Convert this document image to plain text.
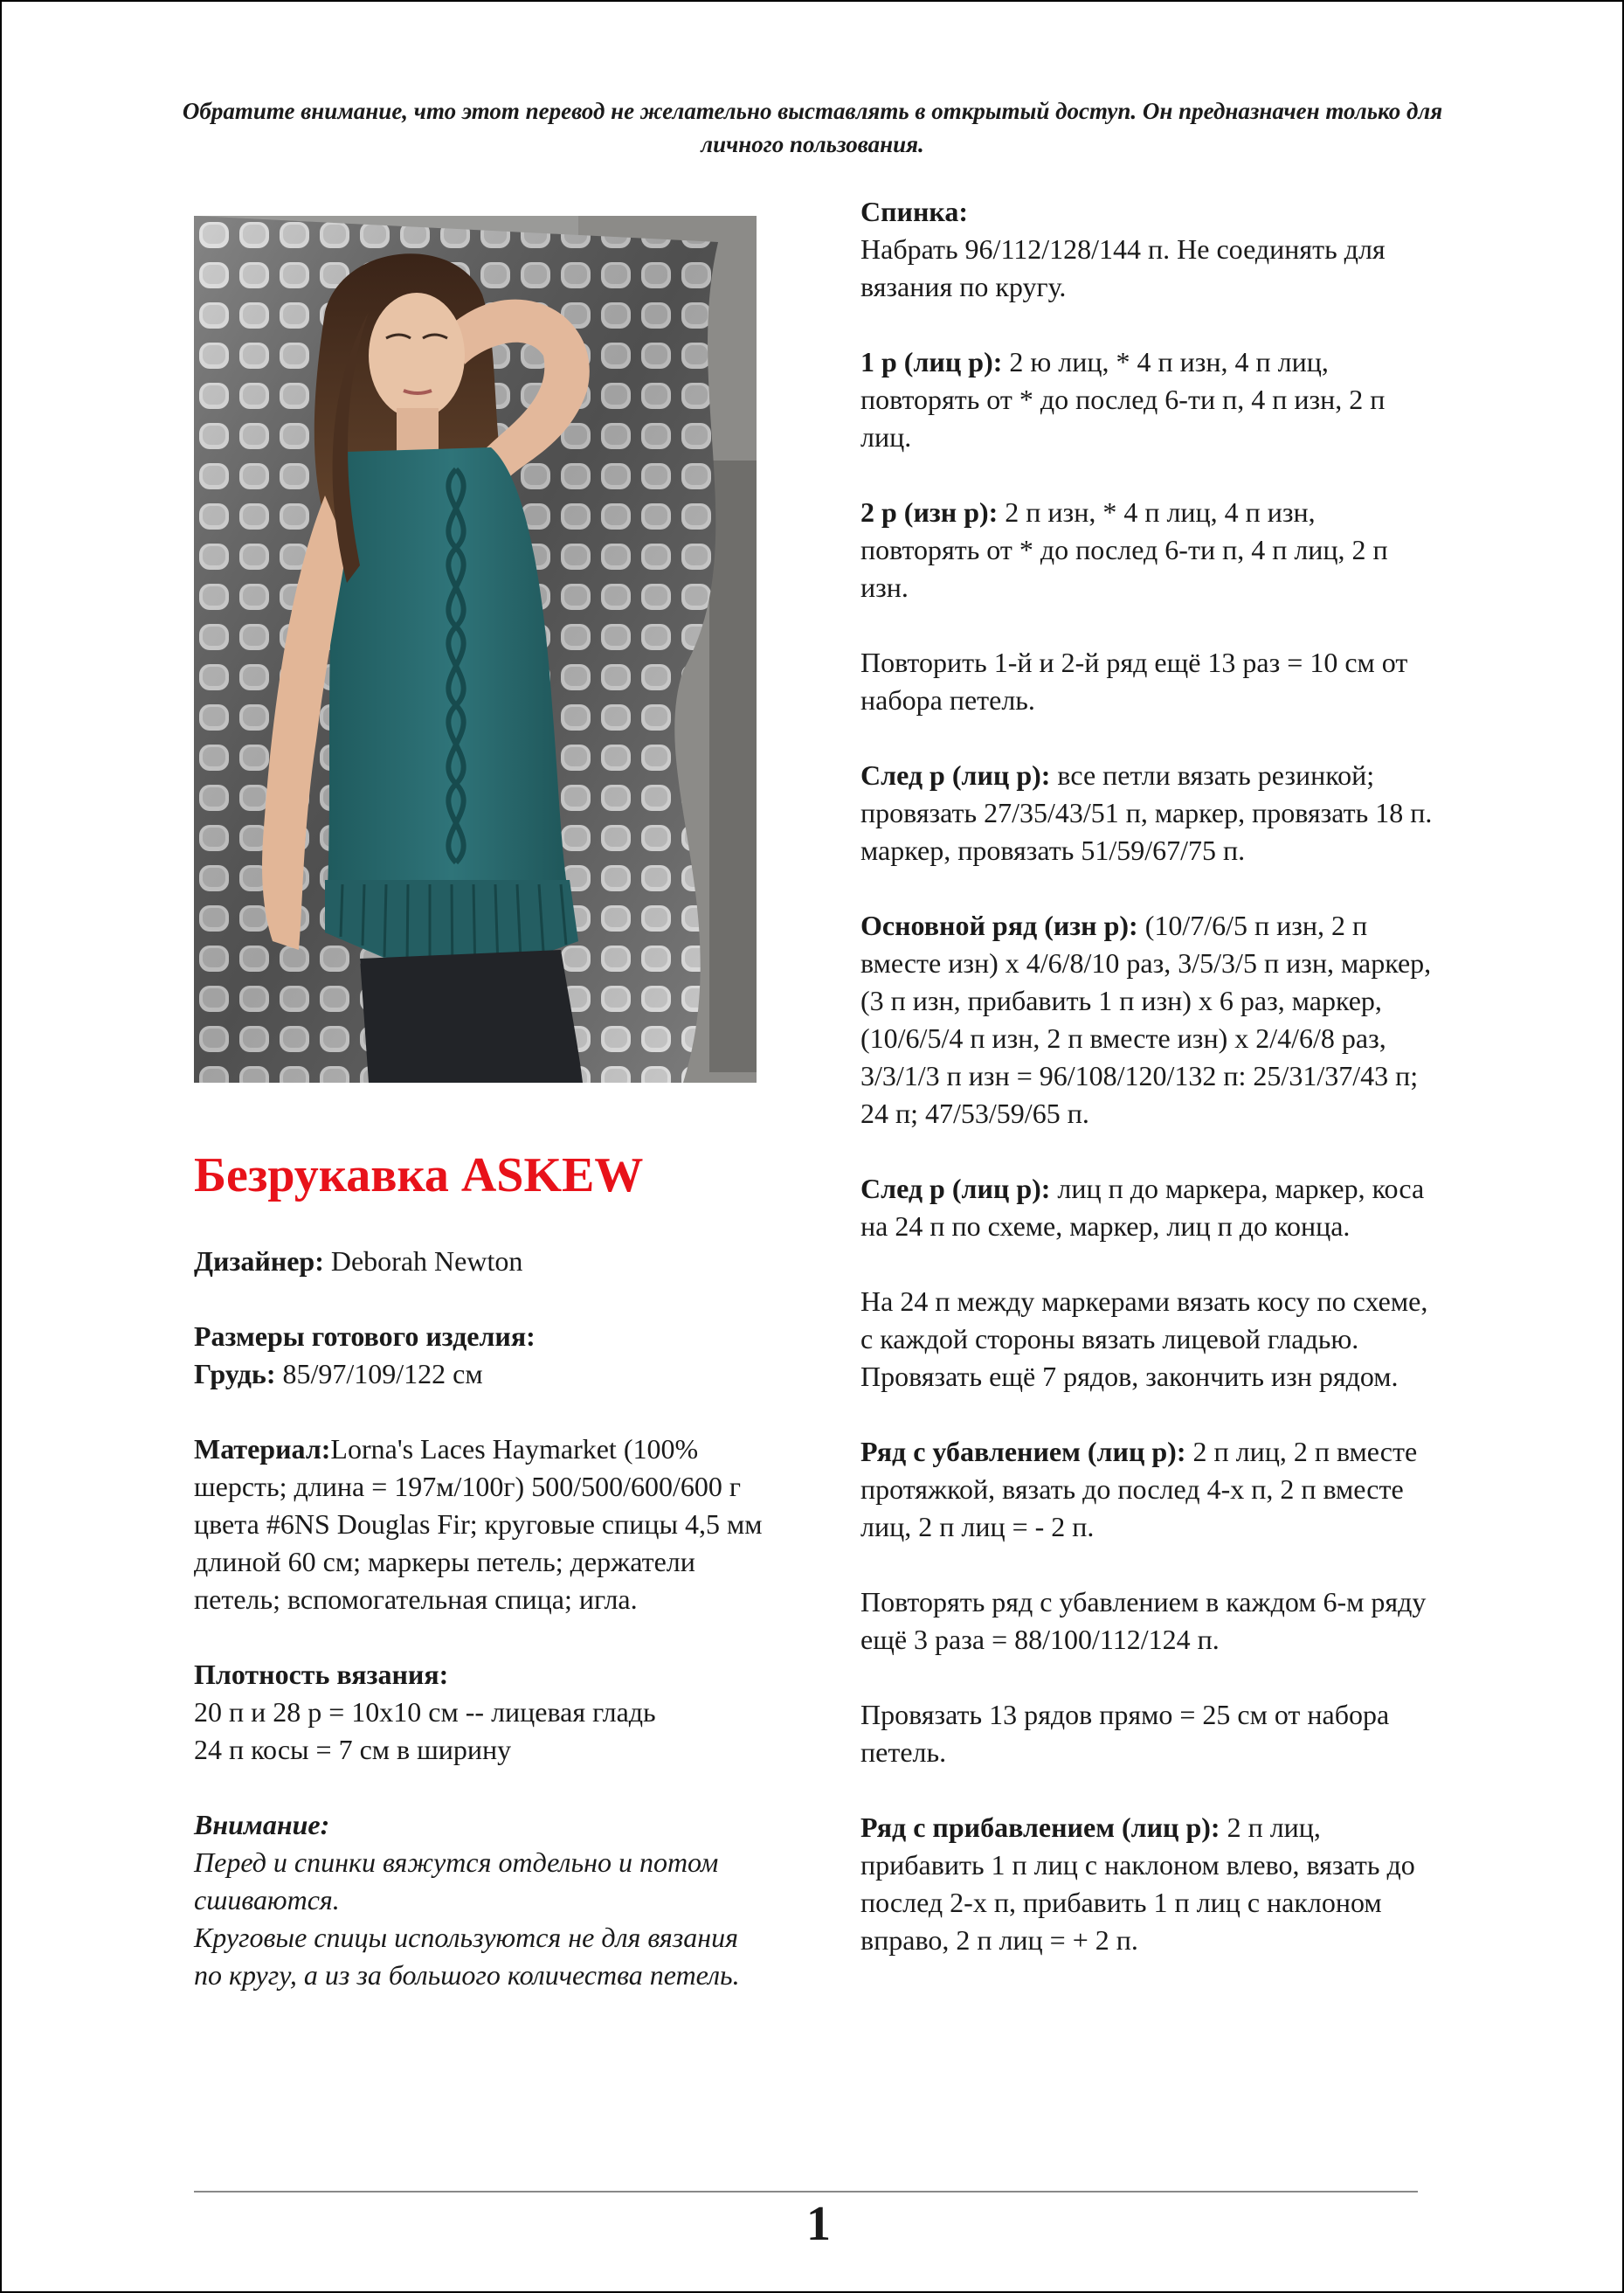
Обратите внимание, что этот перевод не желательно выставлять в открытый доступ. Он предназначен только для личного пользования.
Безрукавка ASKEW

Дизайнер: Deborah Newton

Размеры готового изделия:
Грудь: 85/97/109/122 см

Материал:Lorna's Laces Haymarket (100% шерсть; длина = 197м/100г) 500/500/600/600 г цвета #6NS Douglas Fir; круговые спицы 4,5 мм длиной 60 см; маркеры петель; держатели петель; вспомогательная спица; игла.

Плотность вязания:
20 п и 28 р = 10х10 см -- лицевая гладь
24 п косы = 7 см в ширину

Внимание:
Перед и спинки вяжутся отдельно и потом сшиваются.
Круговые спицы используются не для вязания по кругу, а из за большого количества петель.

Спинка:
Набрать 96/112/128/144 п. Не соединять для вязания по кругу.

1 р (лиц р): 2 ю лиц, * 4 п изн, 4 п лиц, повторять от * до послед 6-ти п, 4 п изн, 2 п лиц.

2 р (изн р): 2 п изн, * 4 п лиц, 4 п изн, повторять от * до послед 6-ти п, 4 п лиц, 2 п изн.

Повторить 1-й и 2-й ряд ещё 13 раз = 10 см от набора петель.

След р (лиц р): все петли вязать резинкой; провязать 27/35/43/51 п, маркер, провязать 18 п. маркер, провязать 51/59/67/75 п.

Основной ряд (изн р): (10/7/6/5 п изн, 2 п вместе изн) х 4/6/8/10 раз, 3/5/3/5 п изн, маркер, (3 п изн, прибавить 1 п изн) х 6 раз, маркер, (10/6/5/4 п изн, 2 п вместе изн) х 2/4/6/8 раз, 3/3/1/3 п изн = 96/108/120/132 п: 25/31/37/43 п; 24 п; 47/53/59/65 п.

След р (лиц р): лиц п до маркера, маркер, коса на 24 п по схеме, маркер, лиц п до конца.

На 24 п между маркерами вязать косу по схеме, с каждой стороны вязать лицевой гладью. Провязать ещё 7 рядов, закончить изн рядом.

Ряд с убавлением (лиц р): 2 п лиц, 2 п вместе протяжкой, вязать до послед 4-х п, 2 п вместе лиц, 2 п лиц = - 2 п.

Повторять ряд с убавлением в каждом 6-м ряду ещё 3 раза = 88/100/112/124 п.

Провязать 13 рядов прямо = 25 см от набора петель.

Ряд с прибавлением (лиц р): 2 п лиц, прибавить 1 п лиц с наклоном влево, вязать до послед 2-х п, прибавить 1 п лиц с наклоном вправо, 2 п лиц = + 2 п.

1
